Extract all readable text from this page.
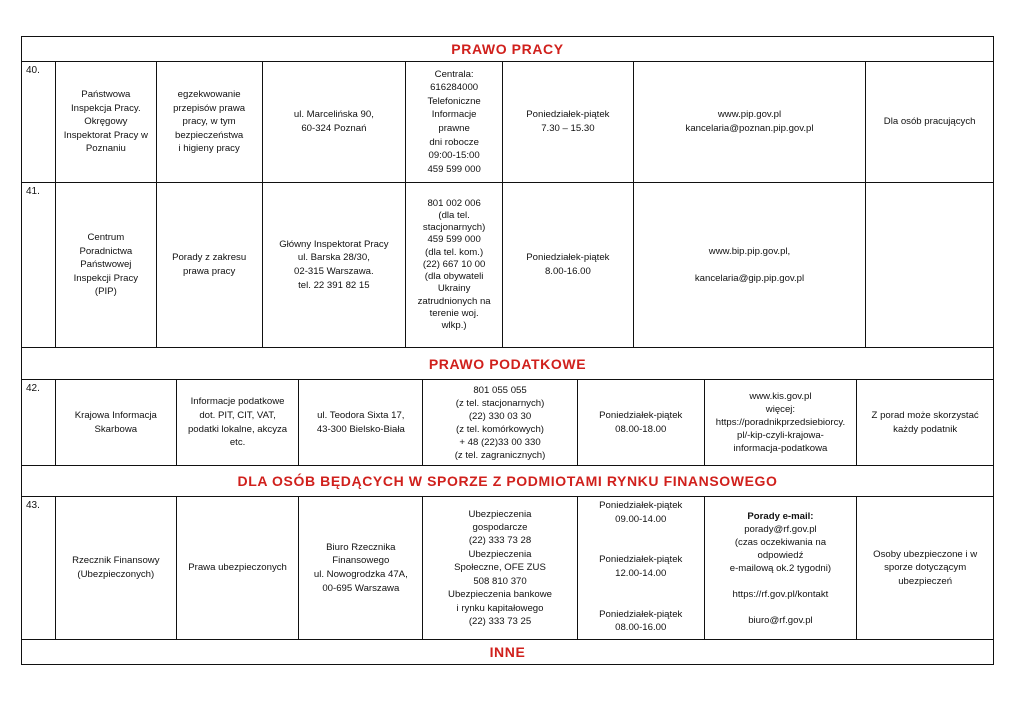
PRAWO PRACY
40.
Państwowa
Inspekcja Pracy.
Okręgowy
Inspektorat Pracy w
Poznaniu
egzekwowanie
przepisów prawa
pracy, w tym
bezpieczeństwa
i higieny pracy
ul. Marcelińska 90,
60-324 Poznań
Centrala:
616284000
Telefoniczne
Informacje
prawne
dni robocze
09:00-15:00
459 599 000
Poniedziałek-piątek
7.30 – 15.30
www.pip.gov.pl
kancelaria@poznan.pip.gov.pl
Dla osób pracujących
41.
Centrum
Poradnictwa
Państwowej
Inspekcji Pracy
(PIP)
Porady z zakresu
prawa pracy
Główny Inspektorat Pracy
ul. Barska 28/30,
02-315 Warszawa.
tel. 22 391 82 15
801 002 006
(dla tel.
stacjonarnych)
459 599 000
(dla tel. kom.)
(22) 667 10 00
(dla obywateli
Ukrainy
zatrudnionych na
terenie woj.
wlkp.)
Poniedziałek-piątek
8.00-16.00
www.bip.pip.gov.pl,
kancelaria@gip.pip.gov.pl
PRAWO PODATKOWE
42.
Krajowa Informacja
Skarbowa
Informacje podatkowe
dot. PIT, CIT, VAT,
podatki lokalne, akcyza
etc.
ul. Teodora Sixta 17,
43-300 Bielsko-Biała
801 055 055
(z tel. stacjonarnych)
(22) 330 03 30
(z tel. komórkowych)
+ 48 (22)33 00 330
(z tel. zagranicznych)
Poniedziałek-piątek
08.00-18.00
www.kis.gov.pl
więcej:
https://poradnikprzedsiebiorcy.
pl/-kip-czyli-krajowa-
informacja-podatkowa
Z porad może skorzystać
każdy podatnik
DLA OSÓB BĘDĄCYCH W SPORZE Z PODMIOTAMI RYNKU FINANSOWEGO
43.
Rzecznik Finansowy
(Ubezpieczonych)
Prawa ubezpieczonych
Biuro Rzecznika
Finansowego
ul. Nowogrodzka 47A,
00-695 Warszawa
Ubezpieczenia
gospodarcze
(22) 333 73 28
Ubezpieczenia
Społeczne, OFE ZUS
508 810 370
Ubezpieczenia bankowe
i rynku kapitałowego
(22) 333 73 25
Poniedziałek-piątek
09.00-14.00
Poniedziałek-piątek
12.00-14.00
Poniedziałek-piątek
08.00-16.00
Porady e-mail:
porady@rf.gov.pl
(czas oczekiwania na
odpowiedź
e-mailową ok.2 tygodni)
https://rf.gov.pl/kontakt
biuro@rf.gov.pl
Osoby ubezpieczone i w
sporze dotyczącym
ubezpieczeń
INNE
